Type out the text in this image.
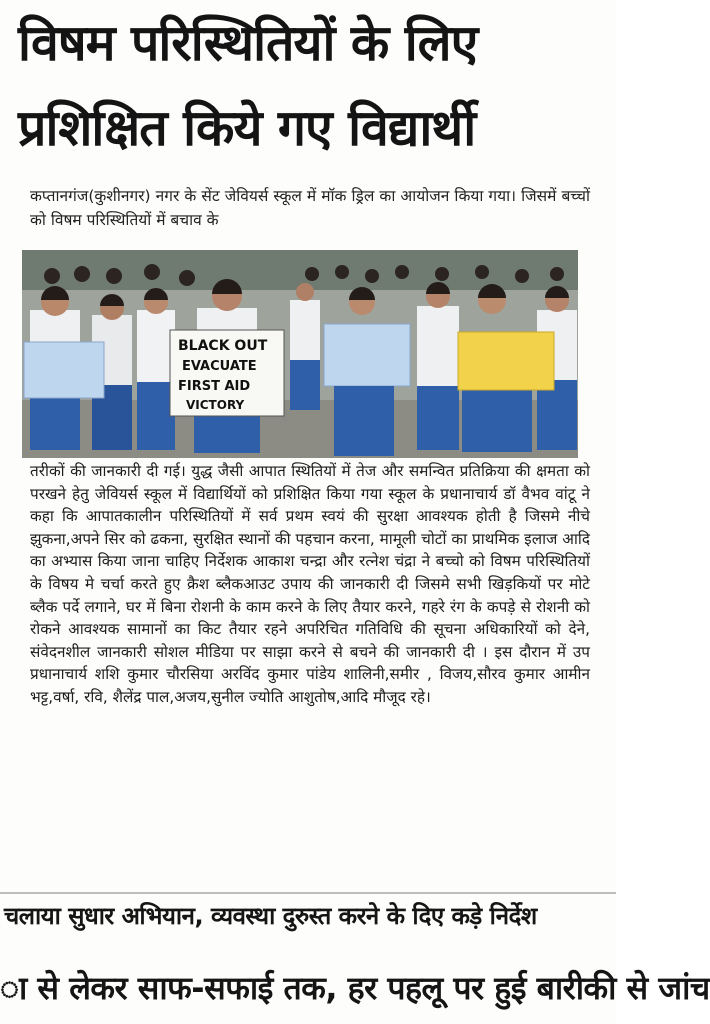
विषम परिस्थितियों के लिए
प्रशिक्षित किये गए विद्यार्थी

कप्तानगंज(कुशीनगर) नगर के सेंट जेवियर्स स्कूल में मॉक ड्रिल का आयोजन किया गया। जिसमें बच्चों को विषम परिस्थितियों में बचाव के

BLACK OUT
EVACUATE
FIRST AID
VICTORY

तरीकों की जानकारी दी गई। युद्ध जैसी आपात स्थितियों में तेज और समन्वित प्रतिक्रिया की क्षमता को परखने हेतु जेवियर्स स्कूल में विद्यार्थियों को प्रशिक्षित किया गया स्कूल के प्रधानाचार्य डॉ वैभव वांटू ने कहा कि आपातकालीन परिस्थितियों में सर्व प्रथम स्वयं की सुरक्षा आवश्यक होती है जिसमे नीचे झुकना,अपने सिर को ढकना, सुरक्षित स्थानों की पहचान करना, मामूली चोटों का प्राथमिक इलाज आदि का अभ्यास किया जाना चाहिए निर्देशक आकाश चन्द्रा और रत्नेश चंद्रा ने बच्चो को विषम परिस्थितियों के विषय मे चर्चा करते हुए क्रैश ब्लैकआउट उपाय की जानकारी दी जिसमे सभी खिड़कियों पर मोटे ब्लैक पर्दे लगाने, घर में बिना रोशनी के काम करने के लिए तैयार करने, गहरे रंग के कपड़े से रोशनी को रोकने आवश्यक सामानों का किट तैयार रहने अपरिचित गतिविधि की सूचना अधिकारियों को देने, संवेदनशील जानकारी सोशल मीडिया पर साझा करने से बचने की जानकारी दी । इस दौरान में उप प्रधानाचार्य शशि कुमार चौरसिया अरविंद कुमार पांडेय शालिनी,समीर , विजय,सौरव कुमार आमीन भट्ट,वर्षा, रवि, शैलेंद्र पाल,अजय,सुनील ज्योति आशुतोष,आदि मौजूद रहे।

चलाया सुधार अभियान, व्यवस्था दुरुस्त करने के दिए कड़े निर्देश
ा से लेकर साफ-सफाई तक, हर पहलू पर हुई बारीकी से जांच
